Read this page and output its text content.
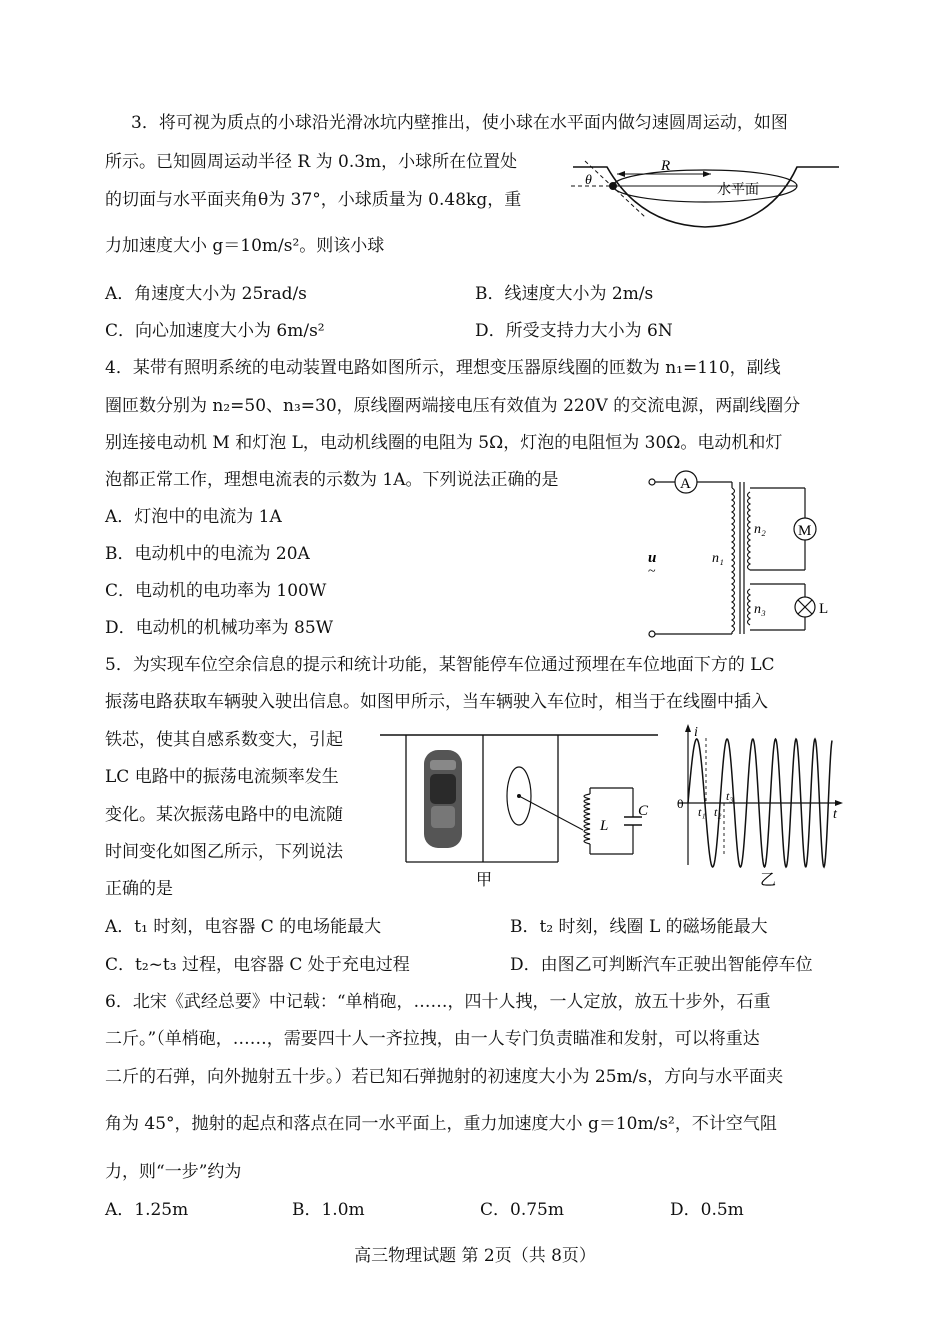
3．将可视为质点的小球沿光滑冰坑内壁推出，使小球在水平面内做匀速圆周运动，如图
所示。已知圆周运动半径 R 为 0.3m，小球所在位置处
的切面与水平面夹角θ为 37°，小球质量为 0.48kg，重
力加速度大小 g＝10m/s²。则该小球
A．角速度大小为 25rad/s	B．线速度大小为 2m/s
C．向心加速度大小为 6m/s²	D．所受支持力大小为 6N
R
θ
水平面
4．某带有照明系统的电动装置电路如图所示，理想变压器原线圈的匝数为 n₁=110，副线
圈匝数分别为 n₂=50、n₃=30，原线圈两端接电压有效值为 220V 的交流电源，两副线圈分
别连接电动机 M 和灯泡 L，电动机线圈的电阻为 5Ω，灯泡的电阻恒为 30Ω。电动机和灯
泡都正常工作，理想电流表的示数为 1A。下列说法正确的是
A．灯泡中的电流为 1A
B．电动机中的电流为 20A
C．电动机的电功率为 100W
D．电动机的机械功率为 85W
A
u
~
n₁
n₂ M
n₃	L
5．为实现车位空余信息的提示和统计功能，某智能停车位通过预埋在车位地面下方的 LC
振荡电路获取车辆驶入驶出信息。如图甲所示，当车辆驶入车位时，相当于在线圈中插入
铁芯，使其自感系数变大，引起
LC 电路中的振荡电流频率发生
变化。某次振荡电路中的电流随
时间变化如图乙所示，下列说法
正确的是
A．t₁ 时刻，电容器 C 的电场能最大	B．t₂ 时刻，线圈 L 的磁场能最大
C．t₂~t₃ 过程，电容器 C 处于充电过程	D．由图乙可判断汽车正驶出智能停车位
L
C
甲
i
t
0
t₁ t₂
t₃
乙
6．北宋《武经总要》中记载：“单梢砲，……，四十人拽，一人定放，放五十步外，石重
二斤。”（单梢砲，……，需要四十人一齐拉拽，由一人专门负责瞄准和发射，可以将重达
二斤的石弹，向外抛射五十步。）若已知石弹抛射的初速度大小为 25m/s，方向与水平面夹
角为 45°，抛射的起点和落点在同一水平面上，重力加速度大小 g＝10m/s²，不计空气阻
力，则“一步”约为
A．1.25m	B．1.0m	C．0.75m	D．0.5m
高三物理试题 第 2页（共 8页）
